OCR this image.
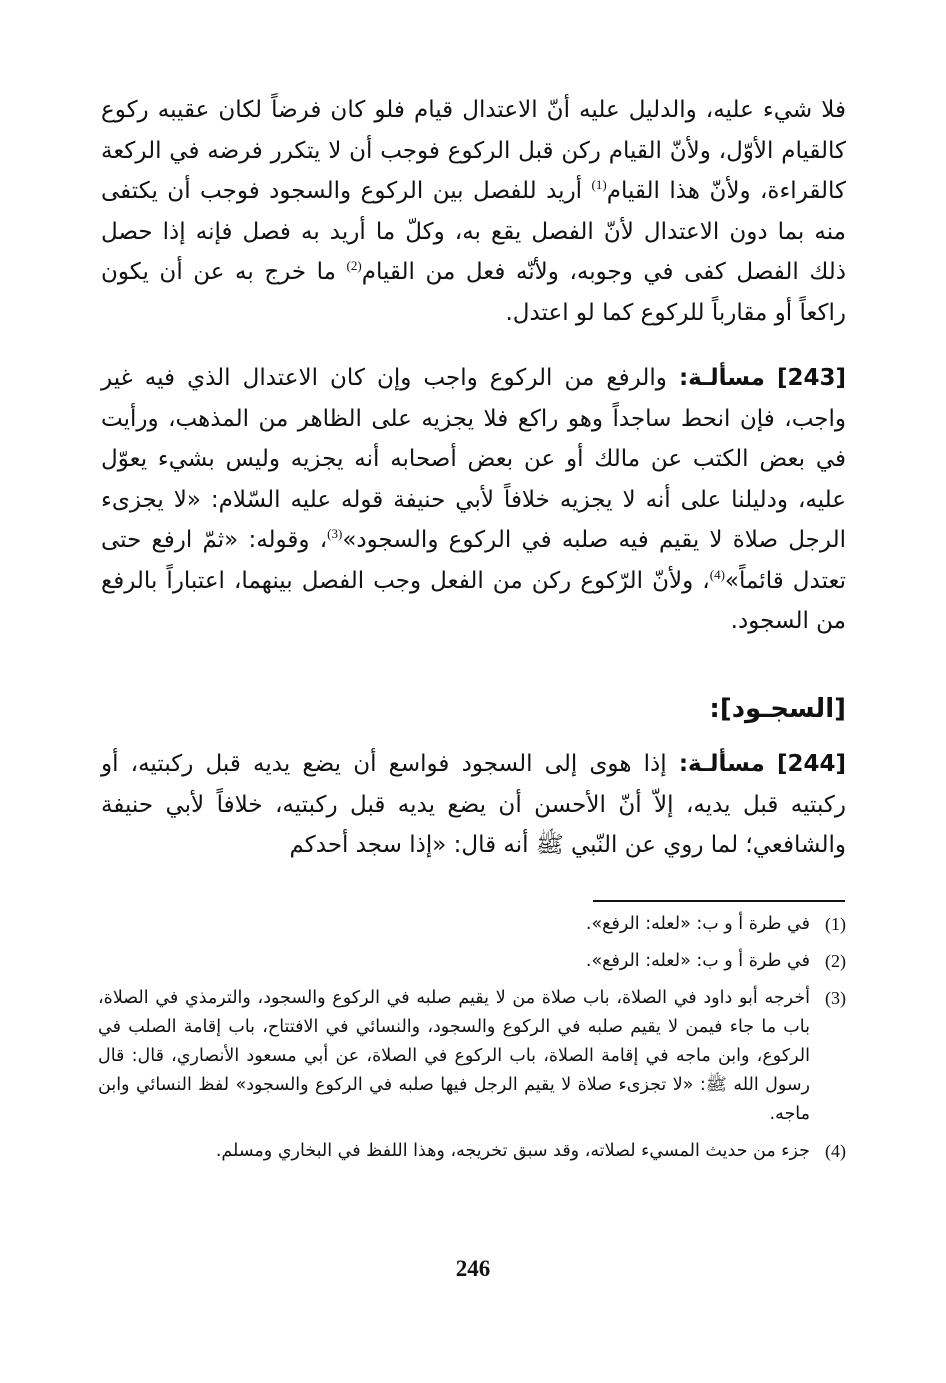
فلا شيء عليه، والدليل عليه أنّ الاعتدال قيام فلو كان فرضاً لكان عقيبه ركوع كالقيام الأوّل، ولأنّ القيام ركن قبل الركوع فوجب أن لا يتكرر فرضه في الركعة كالقراءة، ولأنّ هذا القيام$^{(1)}$ أريد للفصل بين الركوع والسجود فوجب أن يكتفى منه بما دون الاعتدال لأنّ الفصل يقع به، وكلّ ما أريد به فصل فإنه إذا حصل ذلك الفصل كفى في وجوبه، ولأنّه فعل من القيام$^{(2)}$ ما خرج به عن أن يكون راكعاً أو مقارباً للركوع كما لو اعتدل.

[243] مسألـة: والرفع من الركوع واجب وإن كان الاعتدال الذي فيه غير واجب، فإن انحط ساجداً وهو راكع فلا يجزيه على الظاهر من المذهب، ورأيت في بعض الكتب عن مالك أو عن بعض أصحابه أنه يجزيه وليس بشيء يعوّل عليه، ودليلنا على أنه لا يجزيه خلافاً لأبي حنيفة قوله عليه السّلام: «لا يجزىء الرجل صلاة لا يقيم فيه صلبه في الركوع والسجود»$^{(3)}$، وقوله: «ثمّ ارفع حتى تعتدل قائماً»$^{(4)}$، ولأنّ الرّكوع ركن من الفعل وجب الفصل بينهما، اعتباراً بالرفع من السجود.

[السجـود]:

[244] مسألـة: إذا هوى إلى السجود فواسع أن يضع يديه قبل ركبتيه، أو ركبتيه قبل يديه، إلاّ أنّ الأحسن أن يضع يديه قبل ركبتيه، خلافاً لأبي حنيفة والشافعي؛ لما روي عن النّبي ﷺ أنه قال: «إذا سجد أحدكم

(1)
في طرة أ و ب: «لعله: الرفع».
(2)
في طرة أ و ب: «لعله: الرفع».
(3)
أخرجه أبو داود في الصلاة، باب صلاة من لا يقيم صلبه في الركوع والسجود، والترمذي في الصلاة، باب ما جاء فيمن لا يقيم صلبه في الركوع والسجود، والنسائي في الافتتاح، باب إقامة الصلب في الركوع، وابن ماجه في إقامة الصلاة، باب الركوع في الصلاة، عن أبي مسعود الأنصاري، قال: قال رسول الله ﷺ: «لا تجزىء صلاة لا يقيم الرجل فيها صلبه في الركوع والسجود» لفظ النسائي وابن ماجه.
(4)
جزء من حديث المسيء لصلاته، وقد سبق تخريجه، وهذا اللفظ في البخاري ومسلم.
246
